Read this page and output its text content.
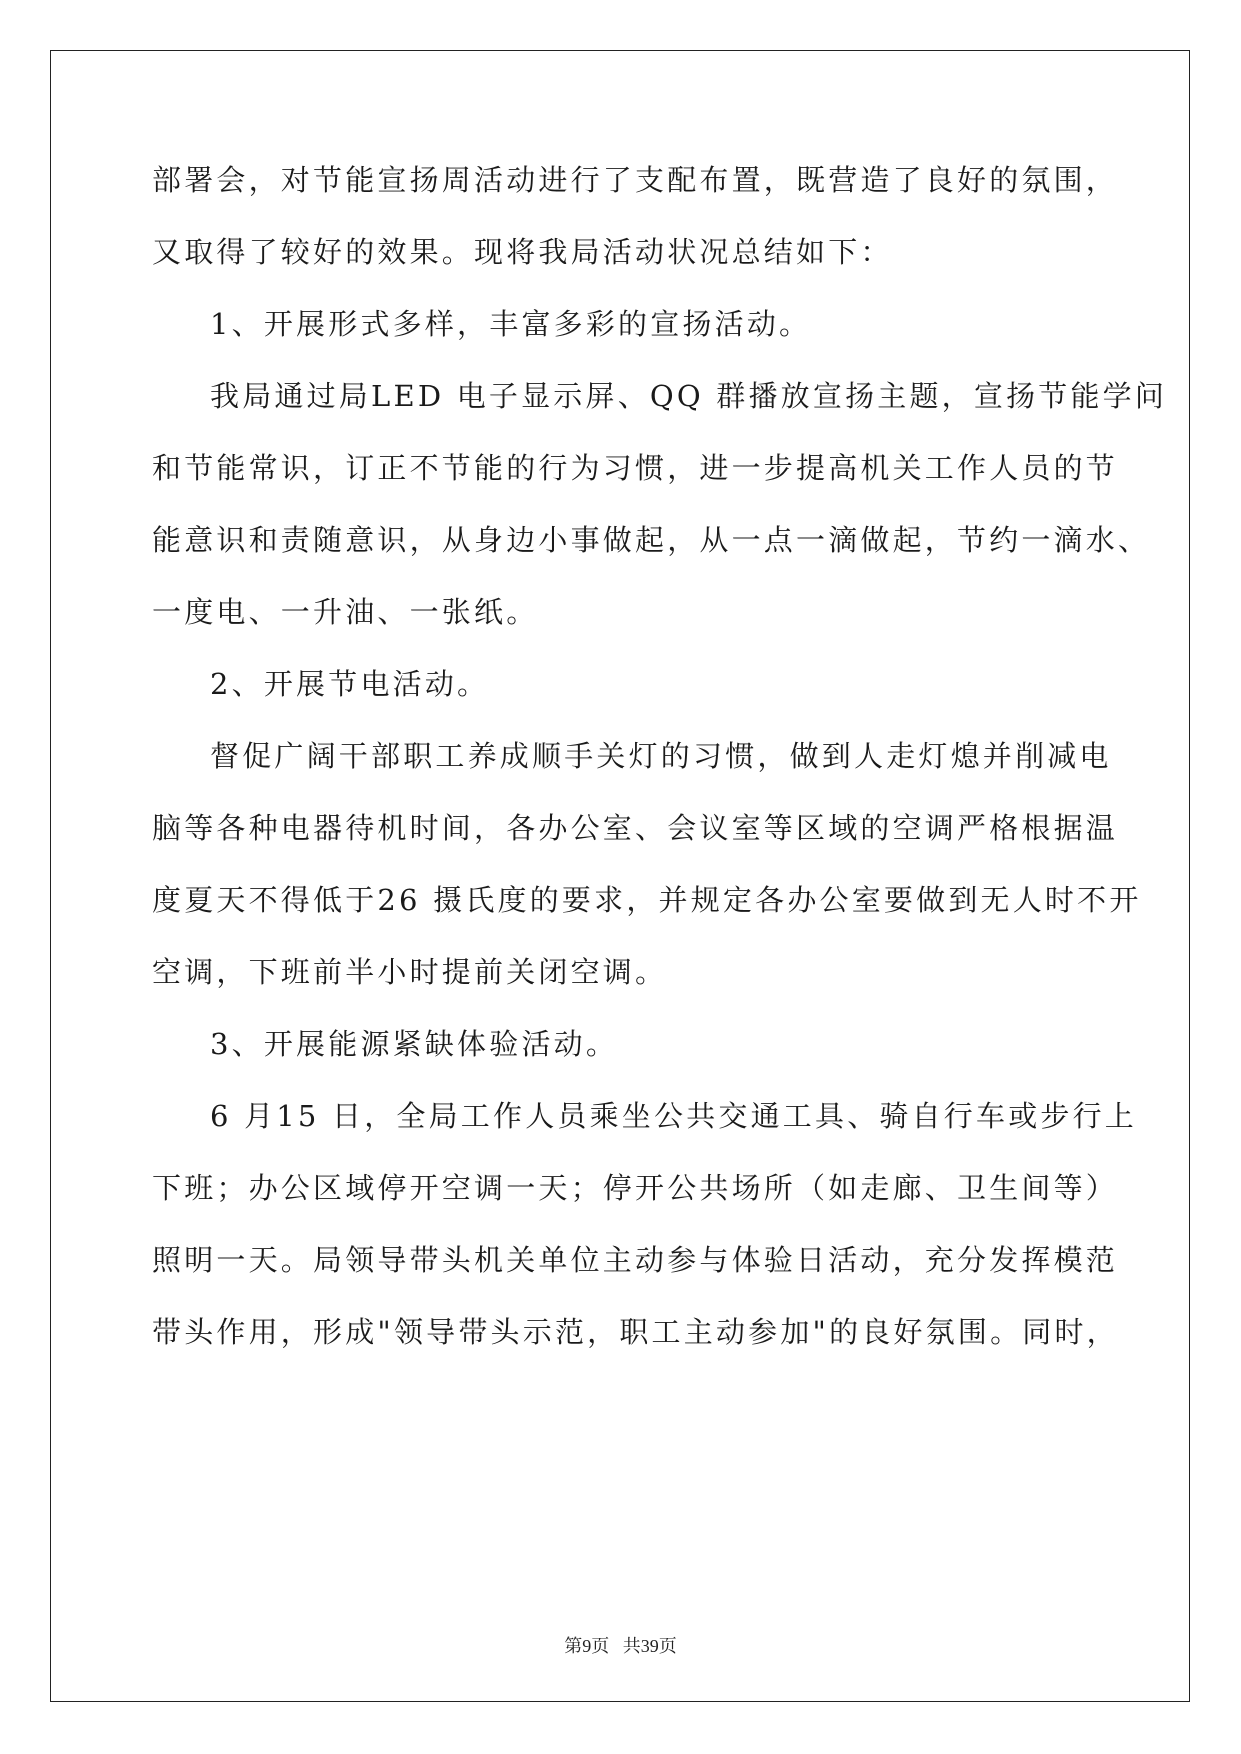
部署会，对节能宣扬周活动进行了支配布置，既营造了良好的氛围，
又取得了较好的效果。现将我局活动状况总结如下：
1、开展形式多样，丰富多彩的宣扬活动。
我局通过局LED 电子显示屏、QQ 群播放宣扬主题，宣扬节能学问
和节能常识，订正不节能的行为习惯，进一步提高机关工作人员的节
能意识和责随意识，从身边小事做起，从一点一滴做起，节约一滴水、
一度电、一升油、一张纸。
2、开展节电活动。
督促广阔干部职工养成顺手关灯的习惯，做到人走灯熄并削减电
脑等各种电器待机时间，各办公室、会议室等区域的空调严格根据温
度夏天不得低于26 摄氏度的要求，并规定各办公室要做到无人时不开
空调，下班前半小时提前关闭空调。
3、开展能源紧缺体验活动。
6 月15 日，全局工作人员乘坐公共交通工具、骑自行车或步行上
下班；办公区域停开空调一天；停开公共场所（如走廊、卫生间等）
照明一天。局领导带头机关单位主动参与体验日活动，充分发挥模范
带头作用，形成"领导带头示范，职工主动参加"的良好氛围。同时，
第9页   共39页
